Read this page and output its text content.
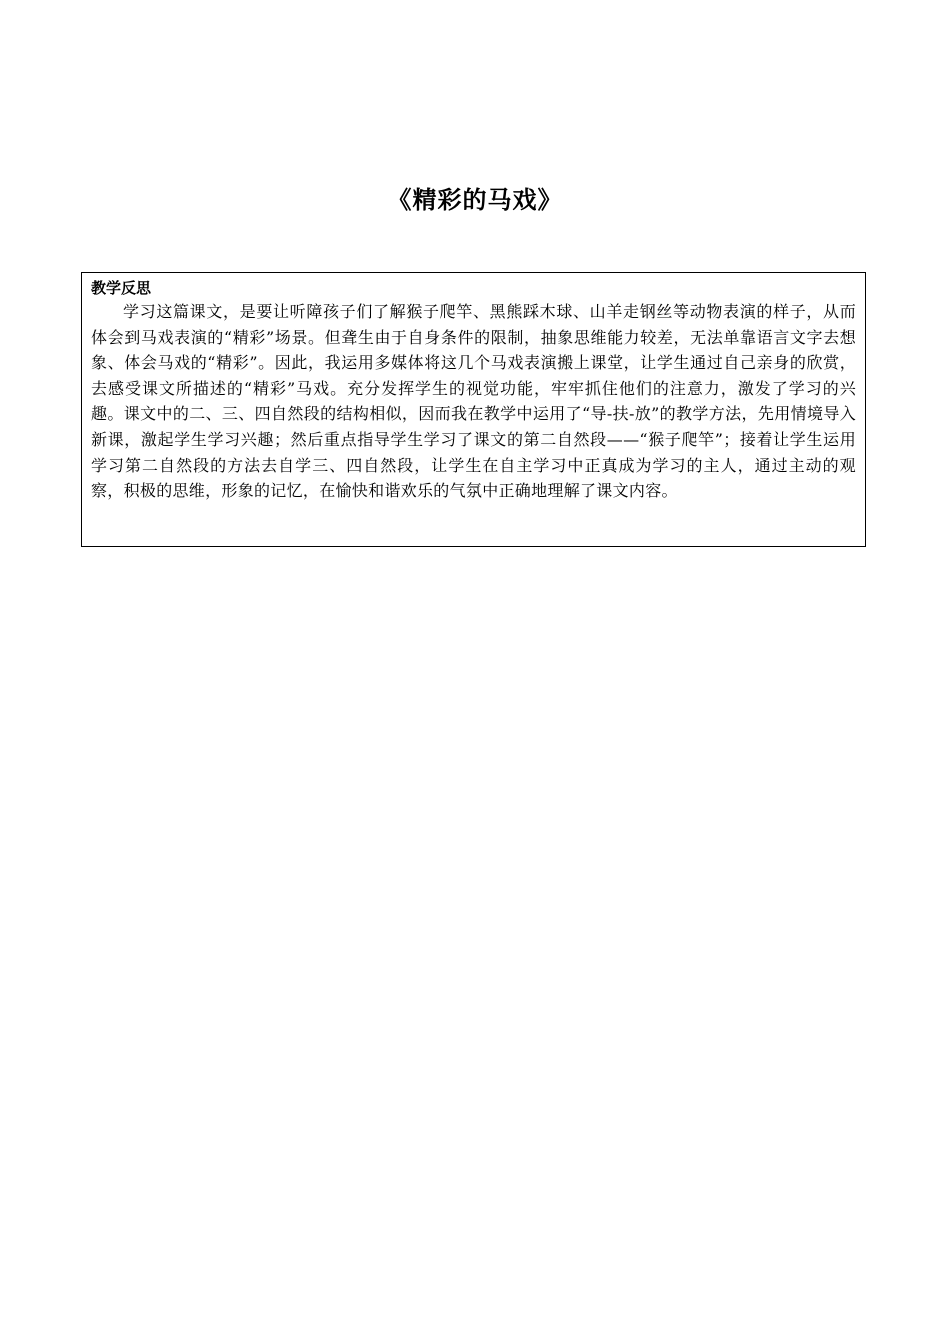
《精彩的马戏》

教学反思

学习这篇课文，是要让听障孩子们了解猴子爬竿、黑熊踩木球、山羊走钢丝等动物表演的样子，从而体会到马戏表演的“精彩”场景。但聋生由于自身条件的限制，抽象思维能力较差，无法单靠语言文字去想象、体会马戏的“精彩”。因此，我运用多媒体将这几个马戏表演搬上课堂，让学生通过自己亲身的欣赏，去感受课文所描述的“精彩”马戏。充分发挥学生的视觉功能，牢牢抓住他们的注意力，激发了学习的兴趣。课文中的二、三、四自然段的结构相似，因而我在教学中运用了“导-扶-放”的教学方法，先用情境导入新课，激起学生学习兴趣；然后重点指导学生学习了课文的第二自然段——“猴子爬竿”；接着让学生运用学习第二自然段的方法去自学三、四自然段，让学生在自主学习中正真成为学习的主人，通过主动的观察，积极的思维，形象的记忆，在愉快和谐欢乐的气氛中正确地理解了课文内容。
